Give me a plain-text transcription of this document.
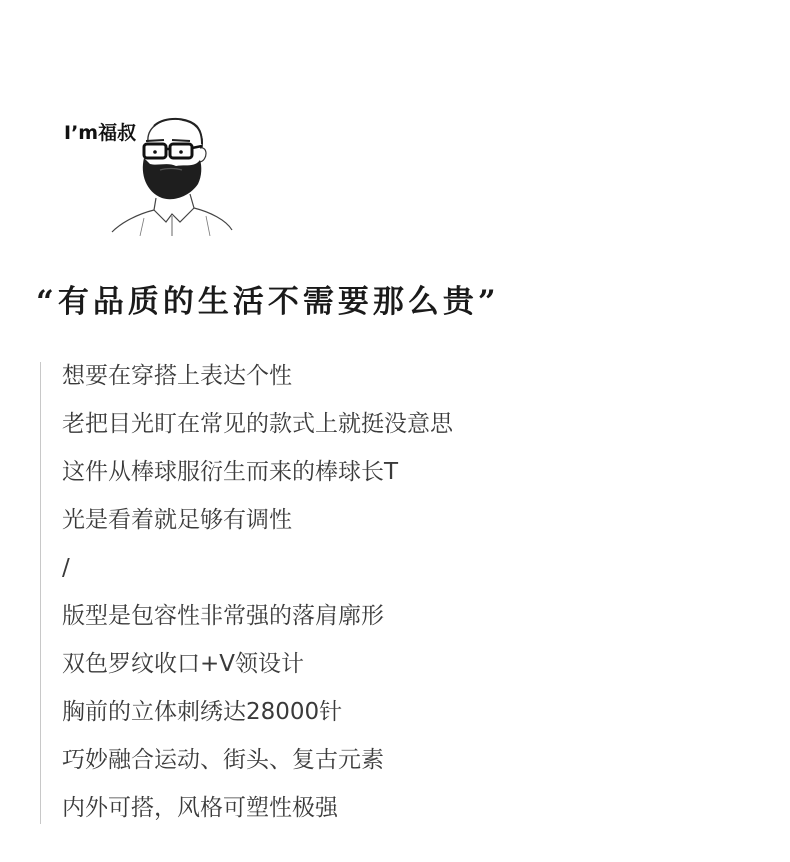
I’m福叔
“有品质的生活不需要那么贵”
想要在穿搭上表达个性
老把目光盯在常见的款式上就挺没意思
这件从棒球服衍生而来的棒球长T
光是看着就足够有调性
/
版型是包容性非常强的落肩廓形
双色罗纹收口+V领设计
胸前的立体刺绣达28000针
巧妙融合运动、街头、复古元素
内外可搭，风格可塑性极强
